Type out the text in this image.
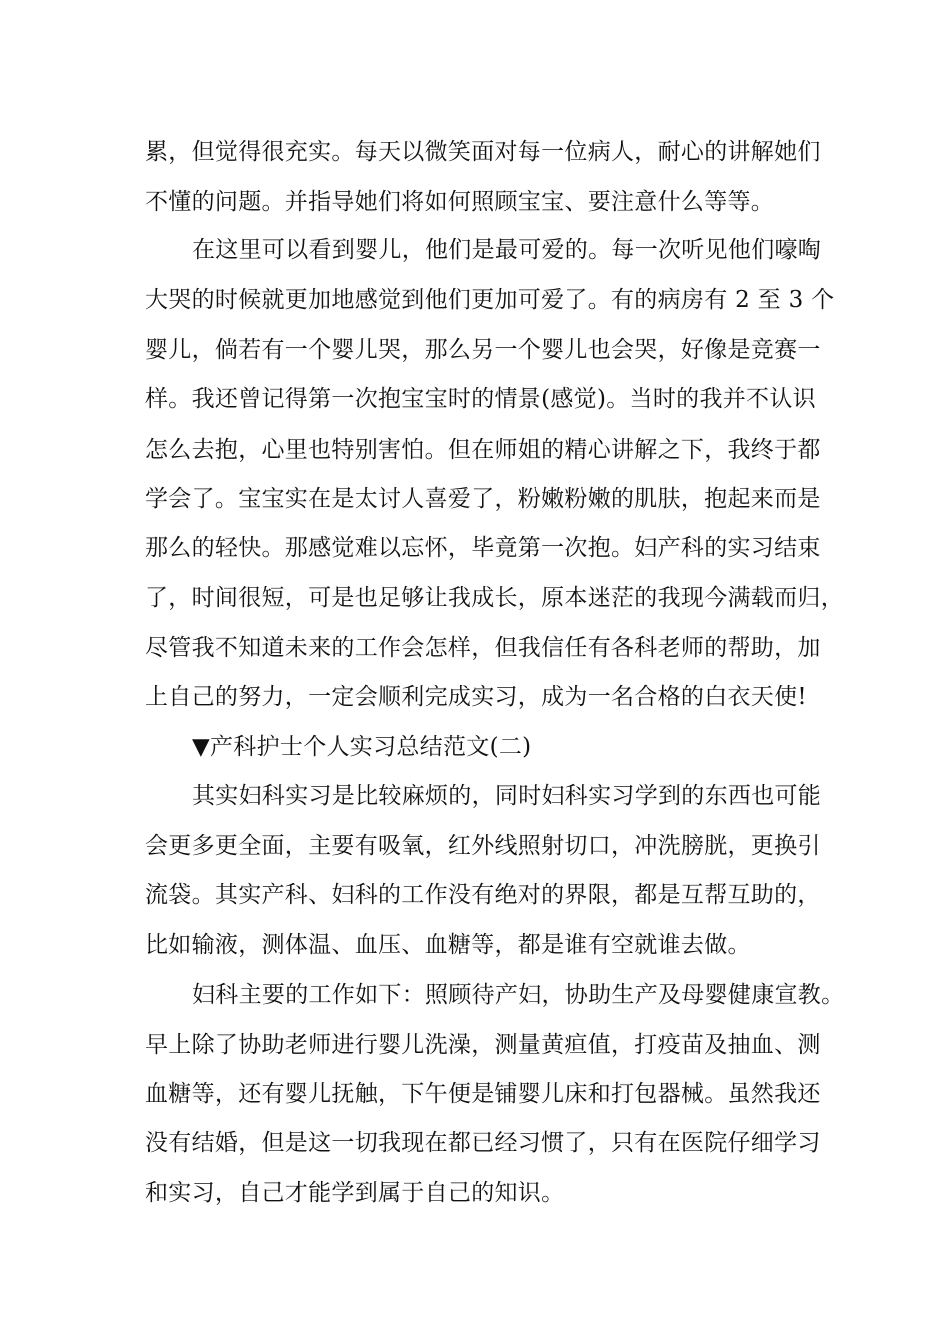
累，但觉得很充实。每天以微笑面对每一位病人，耐心的讲解她们
不懂的问题。并指导她们将如何照顾宝宝、要注意什么等等。
在这里可以看到婴儿，他们是最可爱的。每一次听见他们嚎啕
大哭的时候就更加地感觉到他们更加可爱了。有的病房有 2 至 3 个
婴儿，倘若有一个婴儿哭，那么另一个婴儿也会哭，好像是竞赛一
样。我还曾记得第一次抱宝宝时的情景(感觉)。当时的我并不认识
怎么去抱，心里也特别害怕。但在师姐的精心讲解之下，我终于都
学会了。宝宝实在是太讨人喜爱了，粉嫩粉嫩的肌肤，抱起来而是
那么的轻快。那感觉难以忘怀，毕竟第一次抱。妇产科的实习结束
了，时间很短，可是也足够让我成长，原本迷茫的我现今满载而归，
尽管我不知道未来的工作会怎样，但我信任有各科老师的帮助，加
上自己的努力，一定会顺利完成实习，成为一名合格的白衣天使!
▼产科护士个人实习总结范文(二)
其实妇科实习是比较麻烦的，同时妇科实习学到的东西也可能
会更多更全面，主要有吸氧，红外线照射切口，冲洗膀胱，更换引
流袋。其实产科、妇科的工作没有绝对的界限，都是互帮互助的，
比如输液，测体温、血压、血糖等，都是谁有空就谁去做。
妇科主要的工作如下：照顾待产妇，协助生产及母婴健康宣教。
早上除了协助老师进行婴儿洗澡，测量黄疸值，打疫苗及抽血、测
血糖等，还有婴儿抚触，下午便是铺婴儿床和打包器械。虽然我还
没有结婚，但是这一切我现在都已经习惯了，只有在医院仔细学习
和实习，自己才能学到属于自己的知识。
